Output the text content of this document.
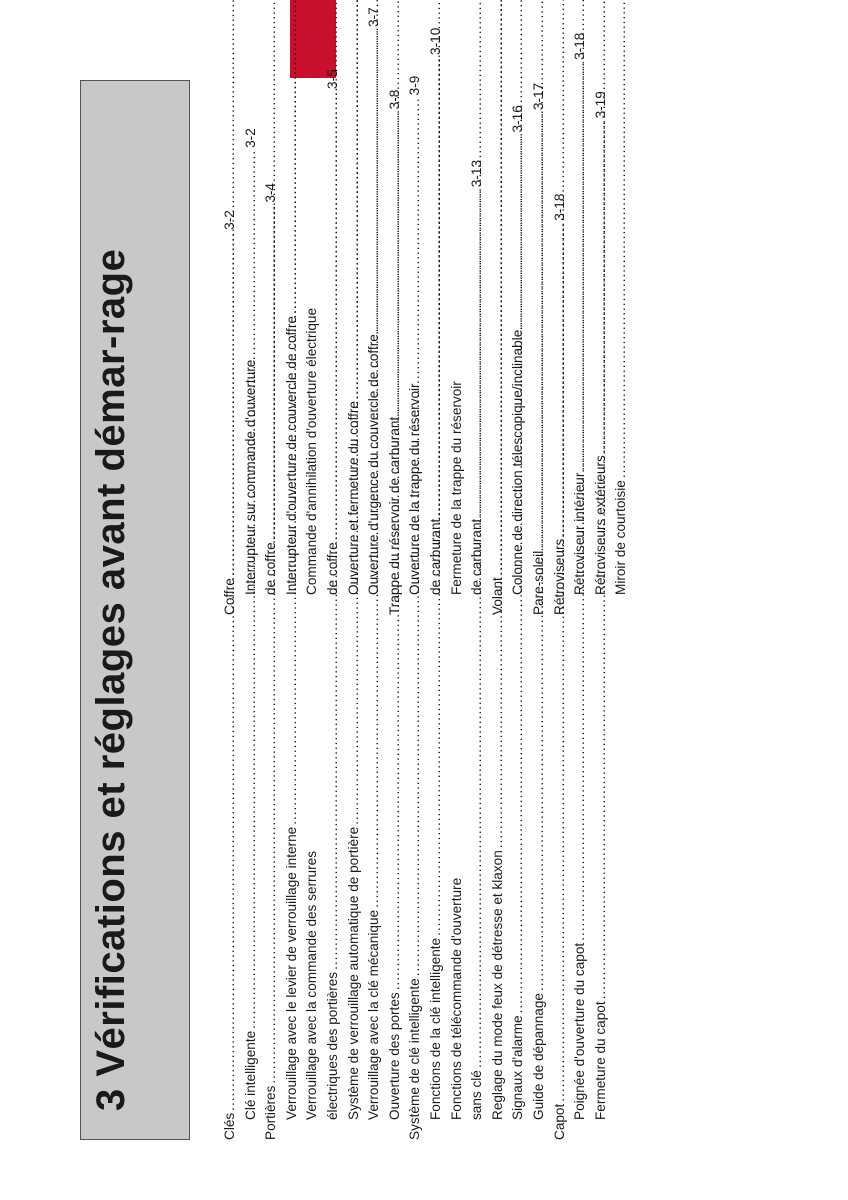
3 Vérifications et réglages avant démar-rage
Clés
.....
3-2
Clé intelligente
.....
3-2
Portières
.....
3-4
Verrouillage avec le levier de verrouillage interne
..... Verrouillage avec la commande des serrures électriques des portières
.....
3-5
Système de verrouillage automatique de portière
..... Verrouillage avec la clé mécanique
.....
3-7
Ouverture des portes
.....
3-8
Système de clé intelligente
.....
3-9
Fonctions de la clé intelligente
.....
3-10
Fonctions de télécommande d'ouverture sans clé
.....
3-13
Reglage du mode feux de détresse et klaxon
..... Signaux d'alarme
.....
3-16
Guide de dépannage
.....
3-17
Capot
.....
3-18
Poignée d'ouverture du capot
.....
3-18
Fermeture du capot
.....
3-19
Coffre
.....
Interrupteur sur commande d'ouverture de coffre ..... Interrupteur d'ouverture de couvercle de coffre
..... Commande d'annihilation d'ouverture électrique de coffre ..... Ouverture et fermeture du coffre
..... Ouverture d'urgence du couvercle de coffre
..... Trappe du réservoir de carburant
..... Ouverture de la trappe du réservoir de carburant ..... Fermeture de la trappe du réservoir de carburant
.....
Volant
.....
Colonne de direction télescopique/inclinable
..... Pare-soleil
..... Rétroviseurs
..... Rétroviseur intérieur
..... Rétroviseurs extérieurs
..... Miroir de courtoisie
.....
